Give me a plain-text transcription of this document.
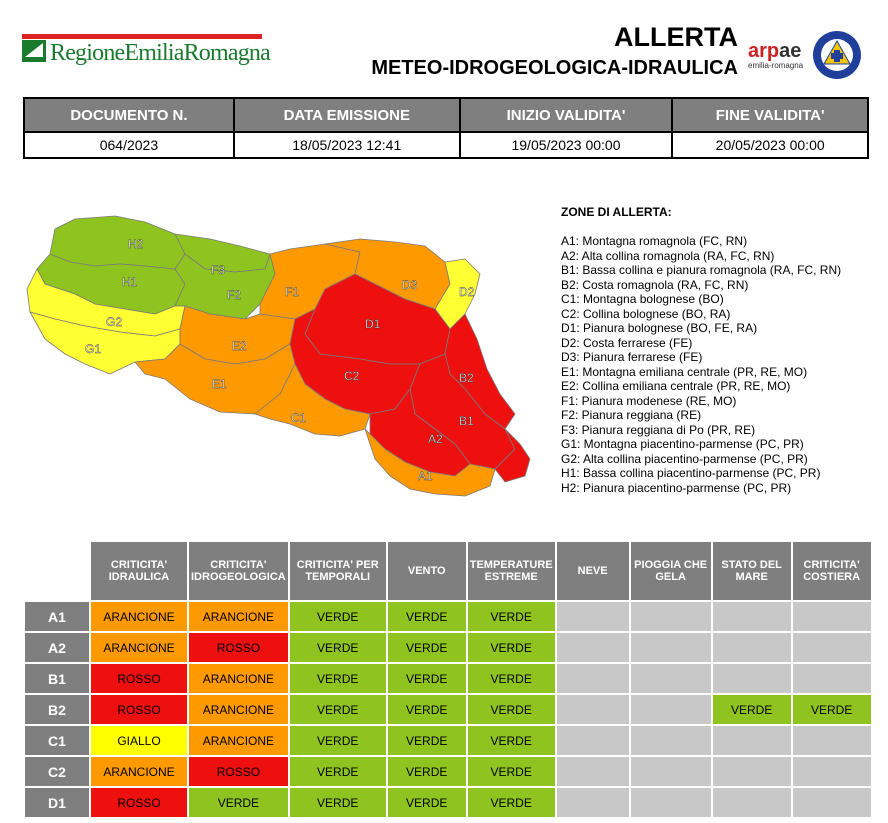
RegioneEmiliaRomagna
ALLERTA
METEO-IDROGEOLOGICA-IDRAULICA
arpae
emilia-romagna
DOCUMENTO N.	DATA EMISSIONE	INIZIO VALIDITA'	FINE VALIDITA'
064/2023	18/05/2023 12:41	19/05/2023 00:00	20/05/2023 00:00
H2
H1
F3
F2	F1	D3	D2
G2
G1	E2
E1
D1
C2
C1
B2
B1
A2
A1
ZONE DI ALLERTA:
A1: Montagna romagnola (FC, RN)
A2: Alta collina romagnola (RA, FC, RN)
B1: Bassa collina e pianura romagnola (RA, FC, RN)
B2: Costa romagnola (RA, FC, RN)
C1: Montagna bolognese (BO)
C2: Collina bolognese (BO, RA)
D1: Pianura bolognese (BO, FE, RA)
D2: Costa ferrarese (FE)
D3: Pianura ferrarese (FE)
E1: Montagna emiliana centrale (PR, RE, MO)
E2: Collina emiliana centrale (PR, RE, MO)
F1: Pianura modenese (RE, MO)
F2: Pianura reggiana (RE)
F3: Pianura reggiana di Po (PR, RE)
G1: Montagna piacentino-parmense (PC, PR)
G2: Alta collina piacentino-parmense (PC, PR)
H1: Bassa collina piacentino-parmense (PC, PR)
H2: Pianura piacentino-parmense (PC, PR)
	CRITICITA' IDRAULICA	CRITICITA' IDROGEOLOGICA	CRITICITA' PER TEMPORALI	VENTO	TEMPERATURE ESTREME	NEVE	PIOGGIA CHE GELA	STATO DEL MARE	CRITICITA' COSTIERA
A1	ARANCIONE	ARANCIONE	VERDE	VERDE	VERDE				
A2	ARANCIONE	ROSSO	VERDE	VERDE	VERDE				
B1	ROSSO	ARANCIONE	VERDE	VERDE	VERDE				
B2	ROSSO	ARANCIONE	VERDE	VERDE	VERDE			VERDE	VERDE
C1	GIALLO	ARANCIONE	VERDE	VERDE	VERDE				
C2	ARANCIONE	ROSSO	VERDE	VERDE	VERDE				
D1	ROSSO	VERDE	VERDE	VERDE	VERDE				
